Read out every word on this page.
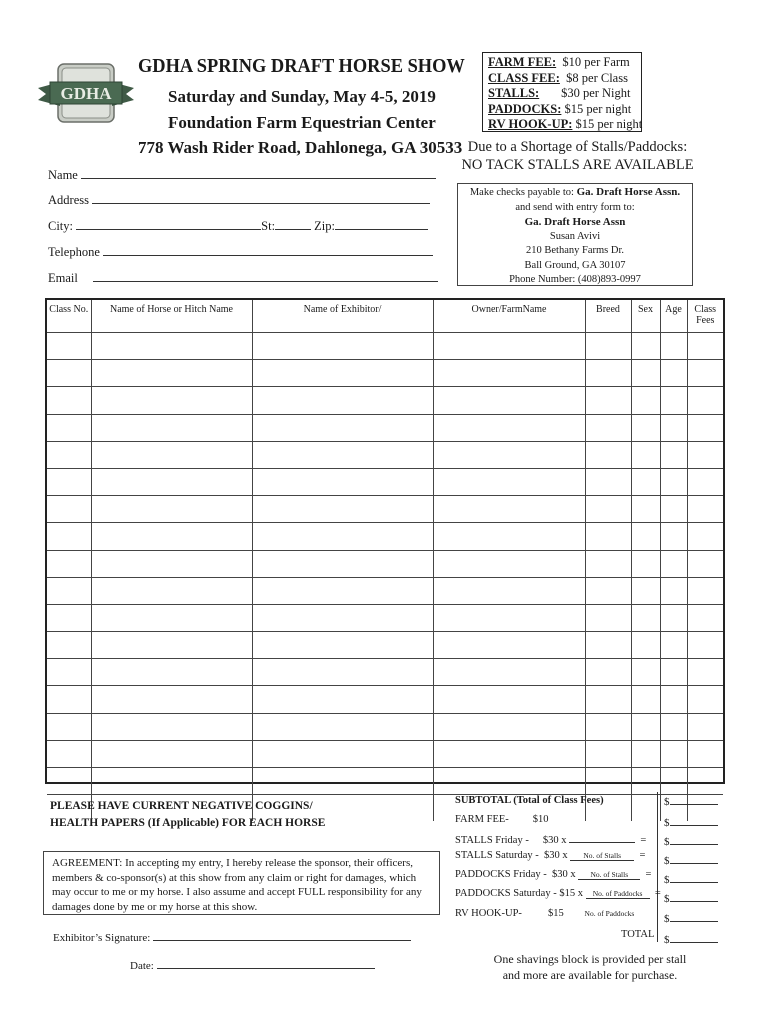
GDHA
GDHA SPRING DRAFT HORSE SHOW
Saturday and Sunday, May 4-5, 2019
Foundation Farm Equestrian Center
778 Wash Rider Road, Dahlonega, GA 30533
FARM FEE: $10 per Farm
CLASS FEE: $8 per Class
STALLS: $30 per Night
PADDOCKS: $15 per night
RV HOOK-UP: $15 per night
Due to a Shortage of Stalls/Paddocks:
NO TACK STALLS ARE AVAILABLE
Name
Address
City:	St:	Zip:
Telephone
Email
Make checks payable to: Ga. Draft Horse Assn.
and send with entry form to:
Ga. Draft Horse Assn
Susan Avivi
210 Bethany Farms Dr.
Ball Ground, GA 30107
Phone Number: (408)893-0997
Class No.	Name of Horse or Hitch Name	Name of Exhibitor/	Owner/FarmName	Breed	Sex	Age	Class Fees

PLEASE HAVE CURRENT NEGATIVE COGGINS/
HEALTH PAPERS (If Applicable) FOR EACH HORSE
AGREEMENT: In accepting my entry, I hereby release the sponsor, their officers, members & co-sponsor(s) at this show from any claim or right for damages, which may occur to me or my horse. I also assume and accept FULL responsibility for any damages done by me or my horse at this show.
Exhibitor’s Signature:
Date:
SUBTOTAL (Total of Class Fees)	$
FARM FEE- $10	$
STALLS Friday - $30 x	= $
STALLS Saturday - $30 x No. of Stalls = $
PADDOCKS Friday - $30 x No. of Stalls = $
PADDOCKS Saturday - $15 x No. of Paddocks = $
RV HOOK-UP- $15	No. of Paddocks	$
TOTAL $
One shavings block is provided per stall
and more are available for purchase.
